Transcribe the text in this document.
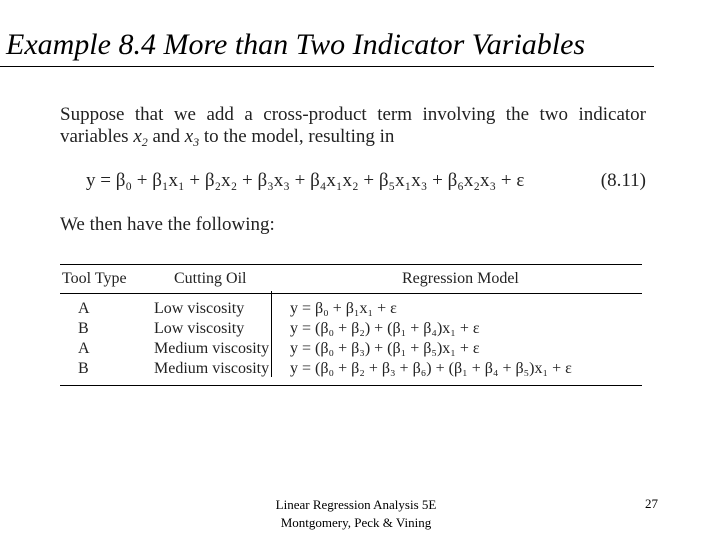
Example 8.4 More than Two Indicator Variables
Suppose that we add a cross-product term involving the two indicator
variables $x_2$ and $x_3$ to the model, resulting in
y = β₀ + β₁x₁ + β₂x₂ + β₃x₃ + β₄x₁x₂ + β₅x₁x₃ + β₆x₂x₃ + ε	(8.11)
We then have the following:
Tool Type	Cutting Oil	Regression Model
A	Low viscosity	y = β₀ + β₁x₁ + ε
B	Low viscosity	y = (β₀ + β₂) + (β₁ + β₄)x₁ + ε
A	Medium viscosity y = (β₀ + β₃) + (β₁ + β₅)x₁ + ε
B	Medium viscosity y = (β₀ + β₂ + β₃ + β₆) + (β₁ + β₄ + β₅)x₁ + ε
Linear Regression Analysis 5E
Montgomery, Peck & Vining
27
